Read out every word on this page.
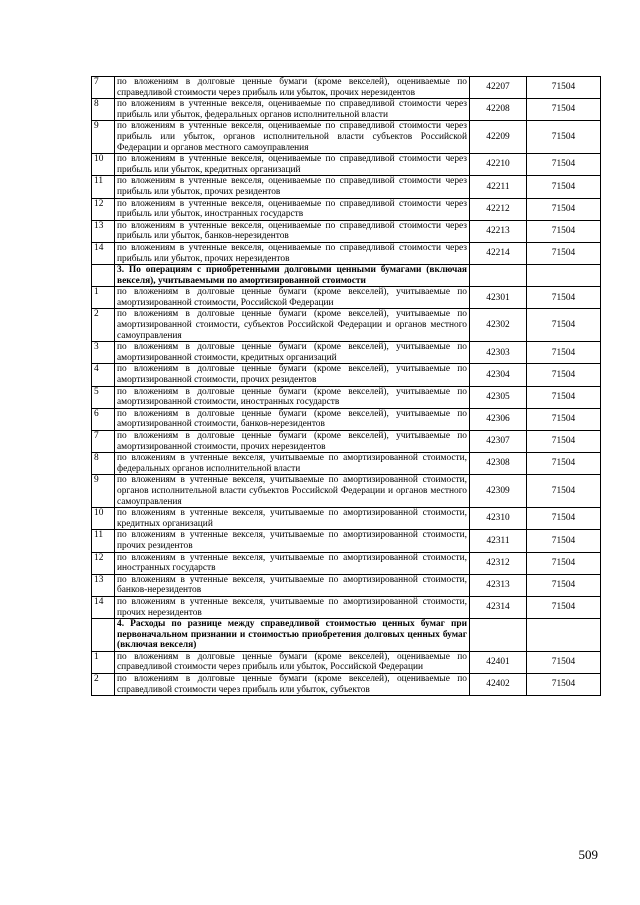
7	по вложениям в долговые ценные бумаги (кроме векселей), оцениваемые по справедливой стоимости через прибыль или убыток, прочих нерезидентов	42207	71504
8	по вложениям в учтенные векселя, оцениваемые по справедливой стоимости через прибыль или убыток, федеральных органов исполнительной власти	42208	71504
9	по вложениям в учтенные векселя, оцениваемые по справедливой стоимости через прибыль или убыток, органов исполнительной власти субъектов Российской Федерации и органов местного самоуправления	42209	71504
10	по вложениям в учтенные векселя, оцениваемые по справедливой стоимости через прибыль или убыток, кредитных организаций	42210	71504
11	по вложениям в учтенные векселя, оцениваемые по справедливой стоимости через прибыль или убыток, прочих резидентов	42211	71504
12	по вложениям в учтенные векселя, оцениваемые по справедливой стоимости через прибыль или убыток, иностранных государств	42212	71504
13	по вложениям в учтенные векселя, оцениваемые по справедливой стоимости через прибыль или убыток, банков-нерезидентов	42213	71504
14	по вложениям в учтенные векселя, оцениваемые по справедливой стоимости через прибыль или убыток, прочих нерезидентов	42214	71504
	3. По операциям с приобретенными долговыми ценными бумагами (включая векселя), учитываемыми по амортизированной стоимости		
1	по вложениям в долговые ценные бумаги (кроме векселей), учитываемые по амортизированной стоимости, Российской Федерации	42301	71504
2	по вложениям в долговые ценные бумаги (кроме векселей), учитываемые по амортизированной стоимости, субъектов Российской Федерации и органов местного самоуправления	42302	71504
3	по вложениям в долговые ценные бумаги (кроме векселей), учитываемые по амортизированной стоимости, кредитных организаций	42303	71504
4	по вложениям в долговые ценные бумаги (кроме векселей), учитываемые по амортизированной стоимости, прочих резидентов	42304	71504
5	по вложениям в долговые ценные бумаги (кроме векселей), учитываемые по амортизированной стоимости, иностранных государств	42305	71504
6	по вложениям в долговые ценные бумаги (кроме векселей), учитываемые по амортизированной стоимости, банков-нерезидентов	42306	71504
7	по вложениям в долговые ценные бумаги (кроме векселей), учитываемые по амортизированной стоимости, прочих нерезидентов	42307	71504
8	по вложениям в учтенные векселя, учитываемые по амортизированной стоимости, федеральных органов исполнительной власти	42308	71504
9	по вложениям в учтенные векселя, учитываемые по амортизированной стоимости, органов исполнительной власти субъектов Российской Федерации и органов местного самоуправления	42309	71504
10	по вложениям в учтенные векселя, учитываемые по амортизированной стоимости, кредитных организаций	42310	71504
11	по вложениям в учтенные векселя, учитываемые по амортизированной стоимости, прочих резидентов	42311	71504
12	по вложениям в учтенные векселя, учитываемые по амортизированной стоимости, иностранных государств	42312	71504
13	по вложениям в учтенные векселя, учитываемые по амортизированной стоимости, банков-нерезидентов	42313	71504
14	по вложениям в учтенные векселя, учитываемые по амортизированной стоимости, прочих нерезидентов	42314	71504
	4. Расходы по разнице между справедливой стоимостью ценных бумаг при первоначальном признании и стоимостью приобретения долговых ценных бумаг (включая векселя)		
1	по вложениям в долговые ценные бумаги (кроме векселей), оцениваемые по справедливой стоимости через прибыль или убыток, Российской Федерации	42401	71504
2	по вложениям в долговые ценные бумаги (кроме векселей), оцениваемые по справедливой стоимости через прибыль или убыток, субъектов	42402	71504
509
